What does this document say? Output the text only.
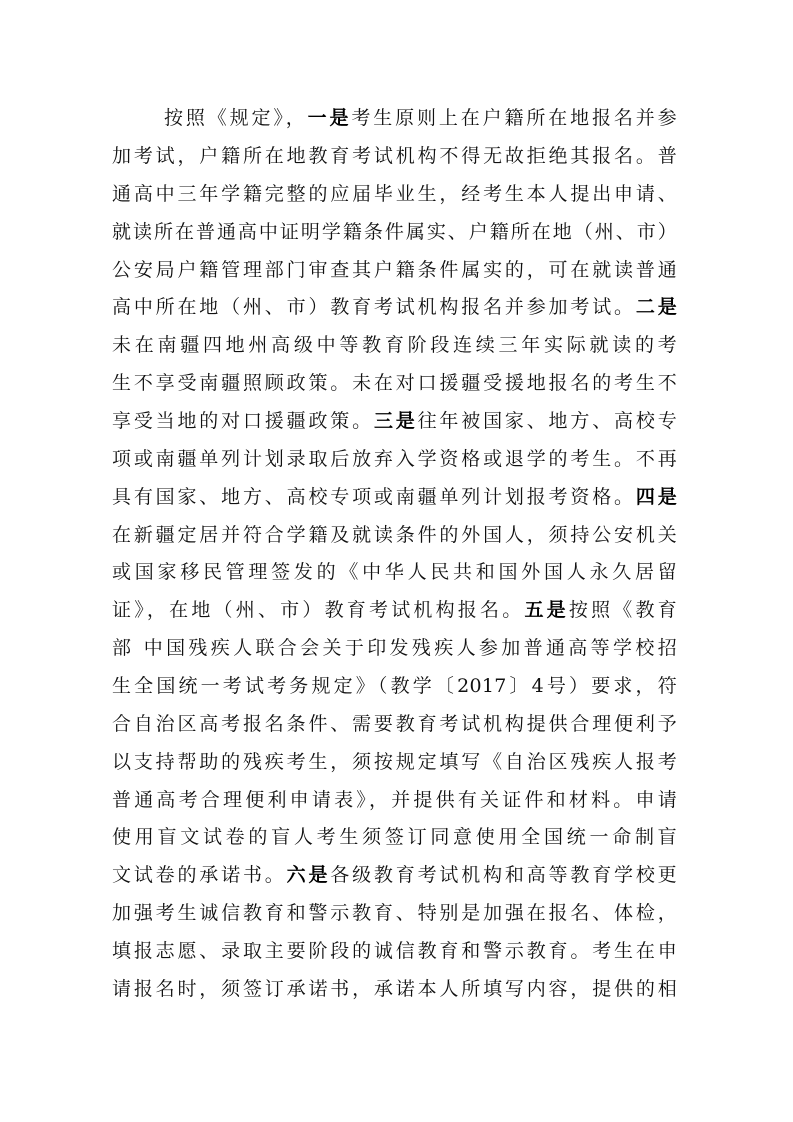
按照《规定》，一是考生原则上在户籍所在地报名并参

加考试，户籍所在地教育考试机构不得无故拒绝其报名。普

通高中三年学籍完整的应届毕业生，经考生本人提出申请、

就读所在普通高中证明学籍条件属实、户籍所在地（州、市）

公安局户籍管理部门审查其户籍条件属实的，可在就读普通

高中所在地（州、市）教育考试机构报名并参加考试。二是

未在南疆四地州高级中等教育阶段连续三年实际就读的考

生不享受南疆照顾政策。未在对口援疆受援地报名的考生不

享受当地的对口援疆政策。三是往年被国家、地方、高校专

项或南疆单列计划录取后放弃入学资格或退学的考生。不再

具有国家、地方、高校专项或南疆单列计划报考资格。四是

在新疆定居并符合学籍及就读条件的外国人，须持公安机关

或国家移民管理签发的《中华人民共和国外国人永久居留

证》，在地（州、市）教育考试机构报名。五是按照《教育

部 中国残疾人联合会关于印发残疾人参加普通高等学校招

生全国统一考试考务规定》（教学〔2017〕4号）要求，符

合自治区高考报名条件、需要教育考试机构提供合理便利予

以支持帮助的残疾考生，须按规定填写《自治区残疾人报考

普通高考合理便利申请表》，并提供有关证件和材料。申请

使用盲文试卷的盲人考生须签订同意使用全国统一命制盲

文试卷的承诺书。六是各级教育考试机构和高等教育学校更

加强考生诚信教育和警示教育、特别是加强在报名、体检，

填报志愿、录取主要阶段的诚信教育和警示教育。考生在申

请报名时，须签订承诺书，承诺本人所填写内容，提供的相
